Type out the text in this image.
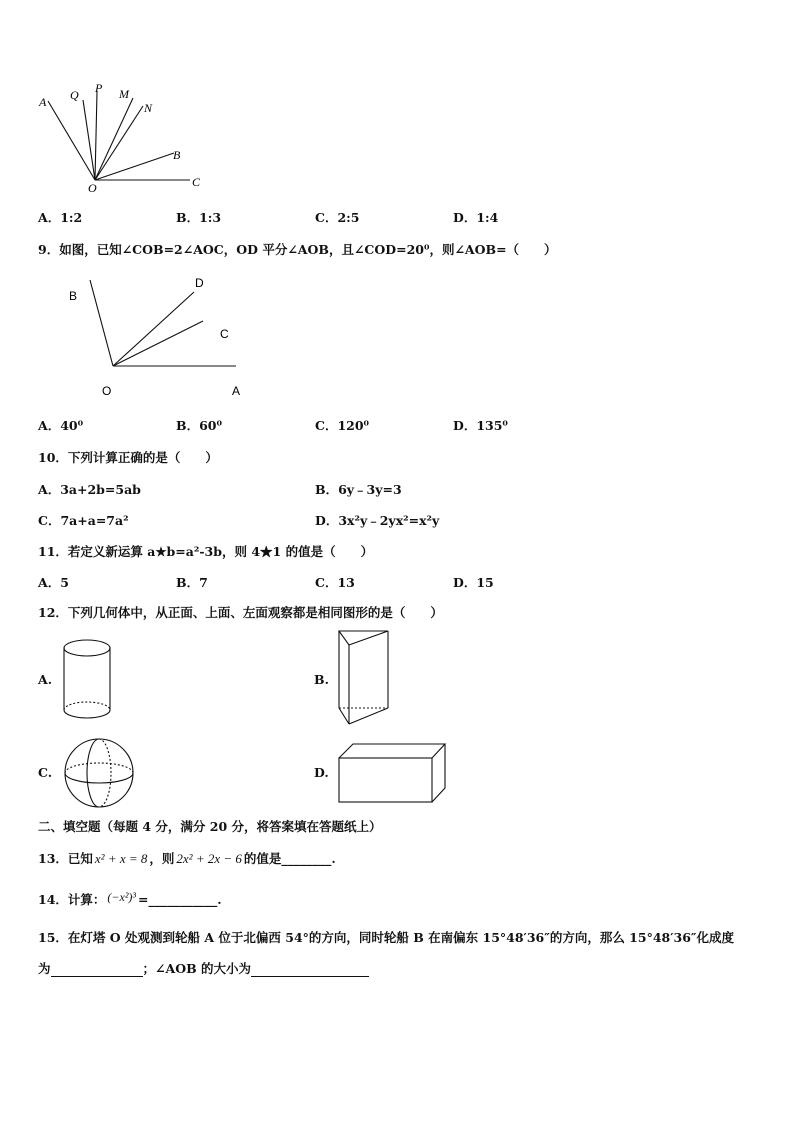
A Q P M
N
B
C
O
A．1:2	B．1:3	C．2:5	D．1:4
9．如图，已知∠COB=2∠AOC，OD 平分∠AOB，且∠COD=20⁰，则∠AOB=（　　）
B
D
C
O	A
A．40⁰	B．60⁰	C．120⁰	D．135⁰
10．下列计算正确的是（　　）
A．3a+2b=5ab	B．6y﹣3y=3
C．7a+a=7a²	D．3x²y﹣2yx²=x²y
11．若定义新运算 a★b=a²-3b，则 4★1 的值是（　　）
A．5	B．7	C．13	D．15
12．下列几何体中，从正面、上面、左面观察都是相同图形的是（　　）
A.	B.
C.	D.
二、填空题（每题 4 分，满分 20 分，将答案填在答题纸上）
13．已知 x² + x = 8 ，则 2x² + 2x − 6 的值是________.
14．计算： (−x²)³ =___________.
15．在灯塔 O 处观测到轮船 A 位于北偏西 54°的方向，同时轮船 B 在南偏东 15°48′36″的方向，那么 15°48′36″化成度
为	；∠AOB 的大小为
